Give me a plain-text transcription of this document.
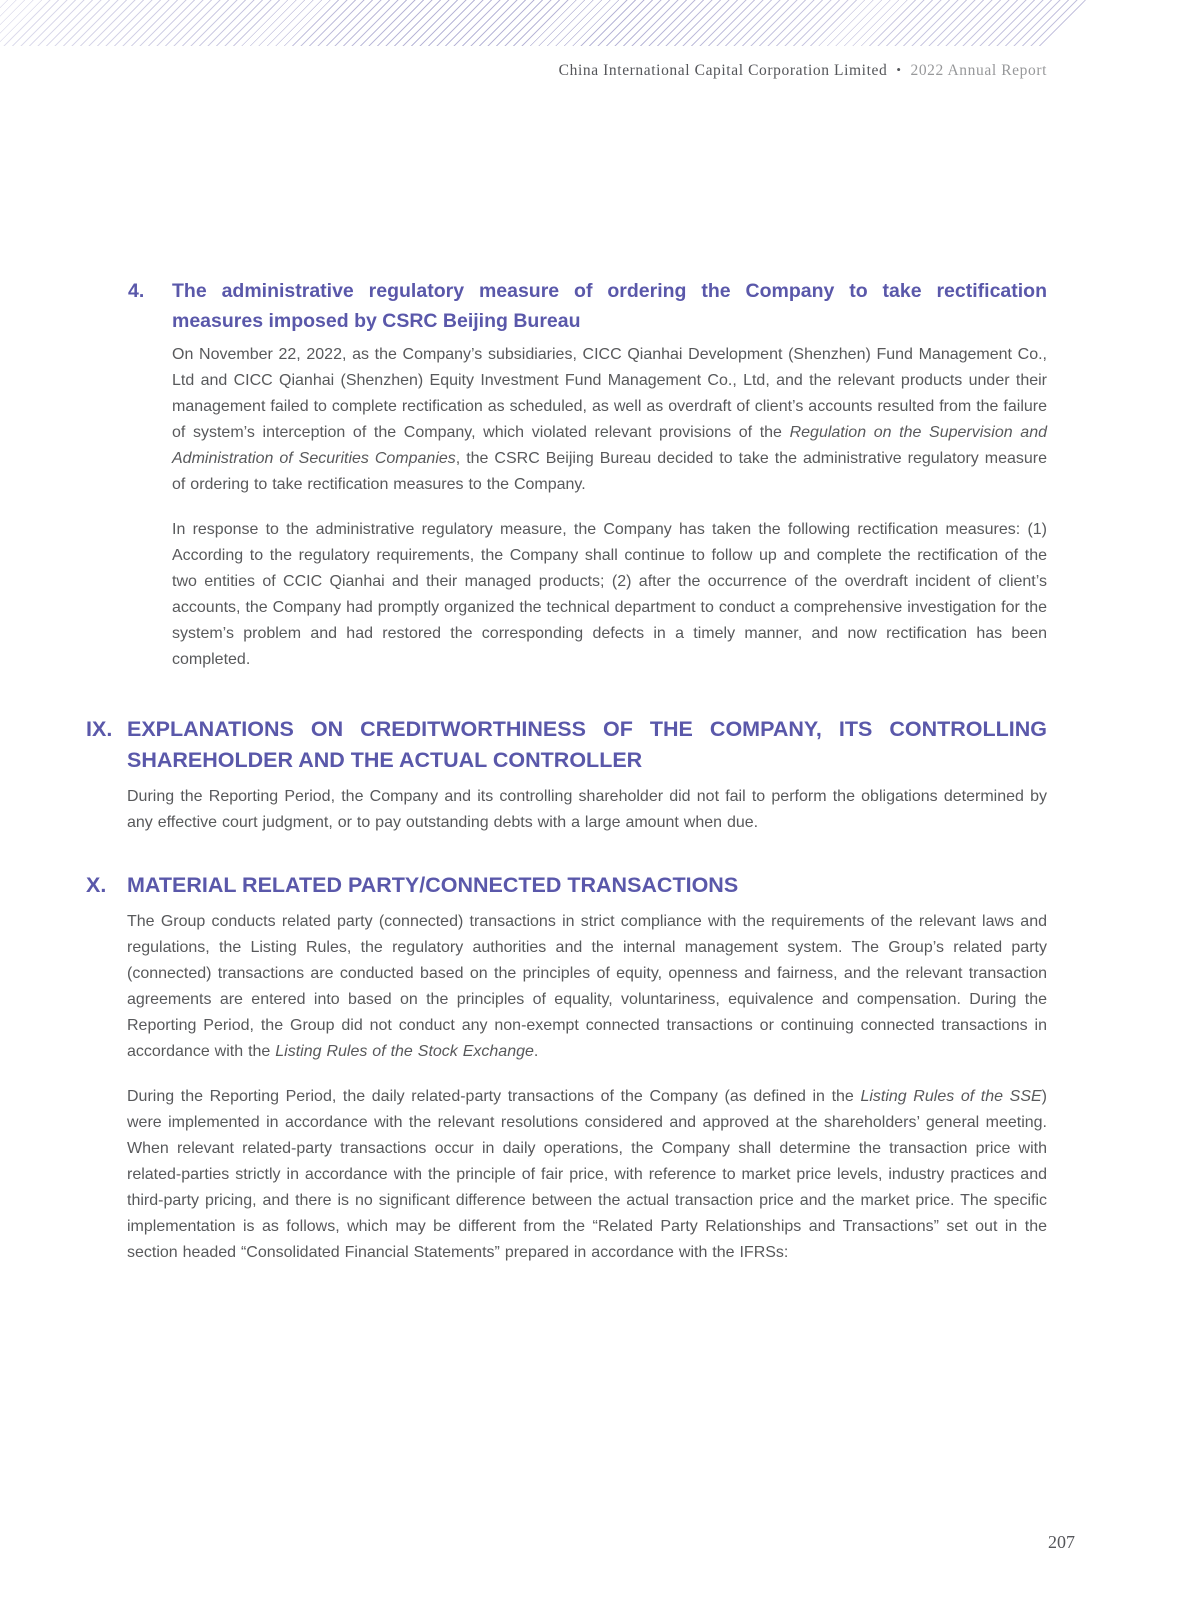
China International Capital Corporation Limited • 2022 Annual Report
4.	The administrative regulatory measure of ordering the Company to take rectification measures imposed by CSRC Beijing Bureau

On November 22, 2022, as the Company’s subsidiaries, CICC Qianhai Development (Shenzhen) Fund Management Co., Ltd and CICC Qianhai (Shenzhen) Equity Investment Fund Management Co., Ltd, and the relevant products under their management failed to complete rectification as scheduled, as well as overdraft of client’s accounts resulted from the failure of system’s interception of the Company, which violated relevant provisions of the Regulation on the Supervision and Administration of Securities Companies, the CSRC Beijing Bureau decided to take the administrative regulatory measure of ordering to take rectification measures to the Company.

In response to the administrative regulatory measure, the Company has taken the following rectification measures: (1) According to the regulatory requirements, the Company shall continue to follow up and complete the rectification of the two entities of CCIC Qianhai and their managed products; (2) after the occurrence of the overdraft incident of client’s accounts, the Company had promptly organized the technical department to conduct a comprehensive investigation for the system’s problem and had restored the corresponding defects in a timely manner, and now rectification has been completed.

IX. EXPLANATIONS ON CREDITWORTHINESS OF THE COMPANY, ITS CONTROLLING SHAREHOLDER AND THE ACTUAL CONTROLLER

During the Reporting Period, the Company and its controlling shareholder did not fail to perform the obligations determined by any effective court judgment, or to pay outstanding debts with a large amount when due.

X. MATERIAL RELATED PARTY/CONNECTED TRANSACTIONS

The Group conducts related party (connected) transactions in strict compliance with the requirements of the relevant laws and regulations, the Listing Rules, the regulatory authorities and the internal management system. The Group’s related party (connected) transactions are conducted based on the principles of equity, openness and fairness, and the relevant transaction agreements are entered into based on the principles of equality, voluntariness, equivalence and compensation. During the Reporting Period, the Group did not conduct any non-exempt connected transactions or continuing connected transactions in accordance with the Listing Rules of the Stock Exchange.

During the Reporting Period, the daily related-party transactions of the Company (as defined in the Listing Rules of the SSE) were implemented in accordance with the relevant resolutions considered and approved at the shareholders’ general meeting. When relevant related-party transactions occur in daily operations, the Company shall determine the transaction price with related-parties strictly in accordance with the principle of fair price, with reference to market price levels, industry practices and third-party pricing, and there is no significant difference between the actual transaction price and the market price. The specific implementation is as follows, which may be different from the “Related Party Relationships and Transactions” set out in the section headed “Consolidated Financial Statements” prepared in accordance with the IFRSs:

207
